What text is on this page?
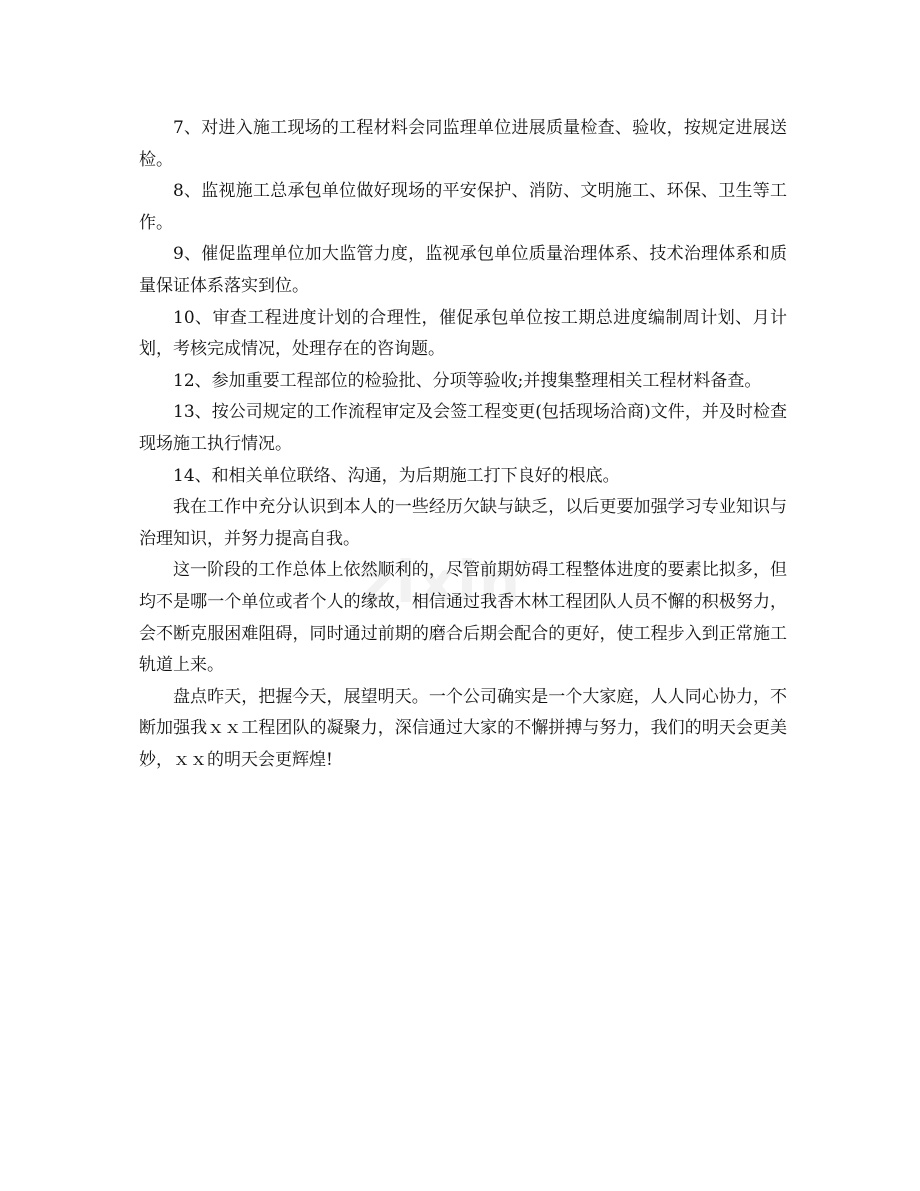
zixin

7、对进入施工现场的工程材料会同监理单位进展质量检查、验收，按规定进展送检。

8、监视施工总承包单位做好现场的平安保护、消防、文明施工、环保、卫生等工作。

9、催促监理单位加大监管力度，监视承包单位质量治理体系、技术治理体系和质量保证体系落实到位。

10、审查工程进度计划的合理性，催促承包单位按工期总进度编制周计划、月计划，考核完成情况，处理存在的咨询题。

12、参加重要工程部位的检验批、分项等验收;并搜集整理相关工程材料备查。

13、按公司规定的工作流程审定及会签工程变更(包括现场洽商)文件，并及时检查现场施工执行情况。

14、和相关单位联络、沟通，为后期施工打下良好的根底。

我在工作中充分认识到本人的一些经历欠缺与缺乏，以后更要加强学习专业知识与治理知识，并努力提高自我。

这一阶段的工作总体上依然顺利的，尽管前期妨碍工程整体进度的要素比拟多，但均不是哪一个单位或者个人的缘故，相信通过我香木林工程团队人员不懈的积极努力，会不断克服困难阻碍，同时通过前期的磨合后期会配合的更好，使工程步入到正常施工轨道上来。

盘点昨天，把握今天，展望明天。一个公司确实是一个大家庭，人人同心协力，不断加强我ｘｘ工程团队的凝聚力，深信通过大家的不懈拼搏与努力，我们的明天会更美妙，ｘｘ的明天会更辉煌!
